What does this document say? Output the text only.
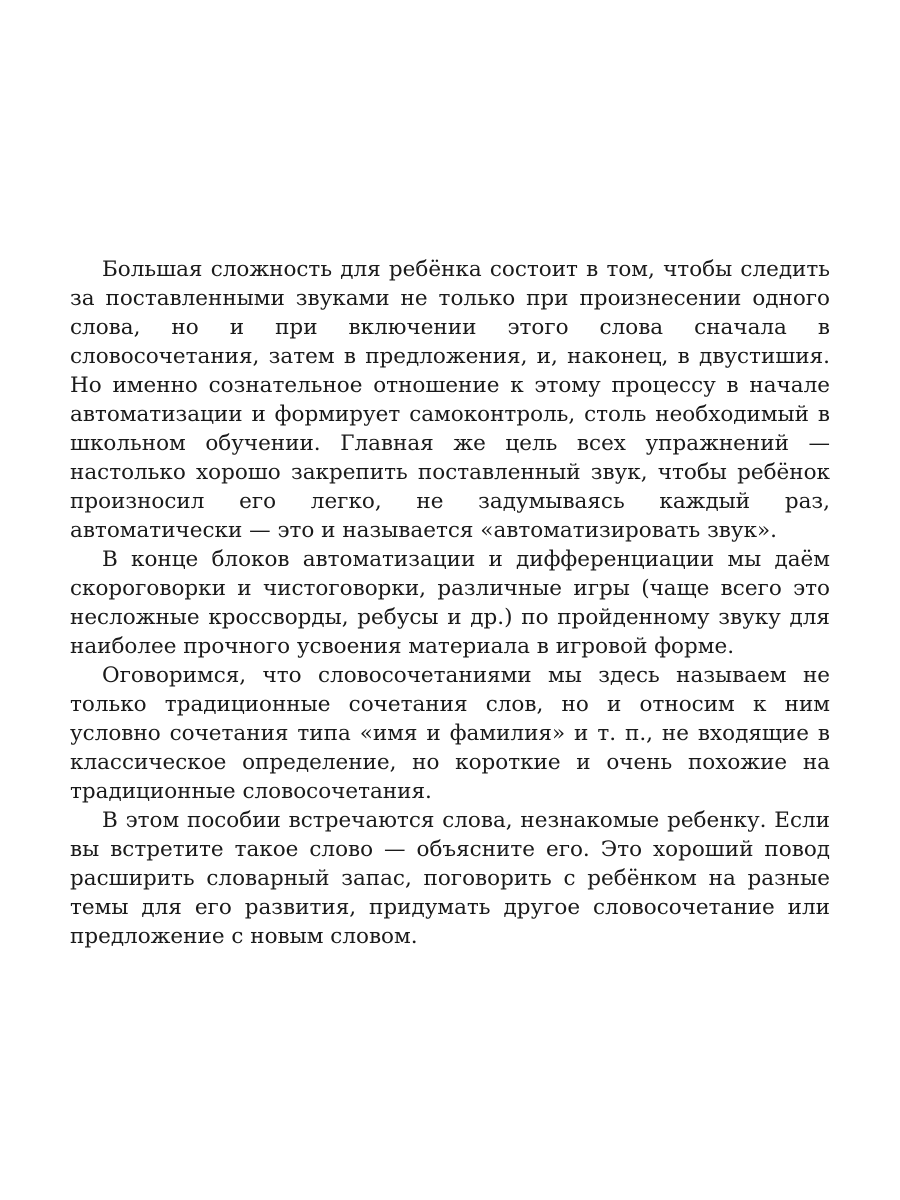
Большая сложность для ребёнка состоит в том, чтобы следить за поставленными звуками не только при произнесении одного слова, но и при включении этого слова сначала в словосочетания, затем в предложения, и, наконец, в двустишия. Но именно сознательное отношение к этому процессу в начале автоматизации и формирует самоконтроль, столь необходимый в школьном обучении. Главная же цель всех упражнений — настолько хорошо закрепить поставленный звук, чтобы ребёнок произносил его легко, не задумываясь каждый раз, автоматически — это и называется «автоматизировать звук».

В конце блоков автоматизации и дифференциации мы даём скороговорки и чистоговорки, различные игры (чаще всего это несложные кроссворды, ребусы и др.) по пройденному звуку для наиболее прочного усвоения материала в игровой форме.

Оговоримся, что словосочетаниями мы здесь называем не только традиционные сочетания слов, но и относим к ним условно сочетания типа «имя и фамилия» и т. п., не входящие в классическое определение, но короткие и очень похожие на традиционные словосочетания.

В этом пособии встречаются слова, незнакомые ребенку. Если вы встретите такое слово — объясните его. Это хороший повод расширить словарный запас, поговорить с ребёнком на разные темы для его развития, придумать другое словосочетание или предложение с новым словом.
